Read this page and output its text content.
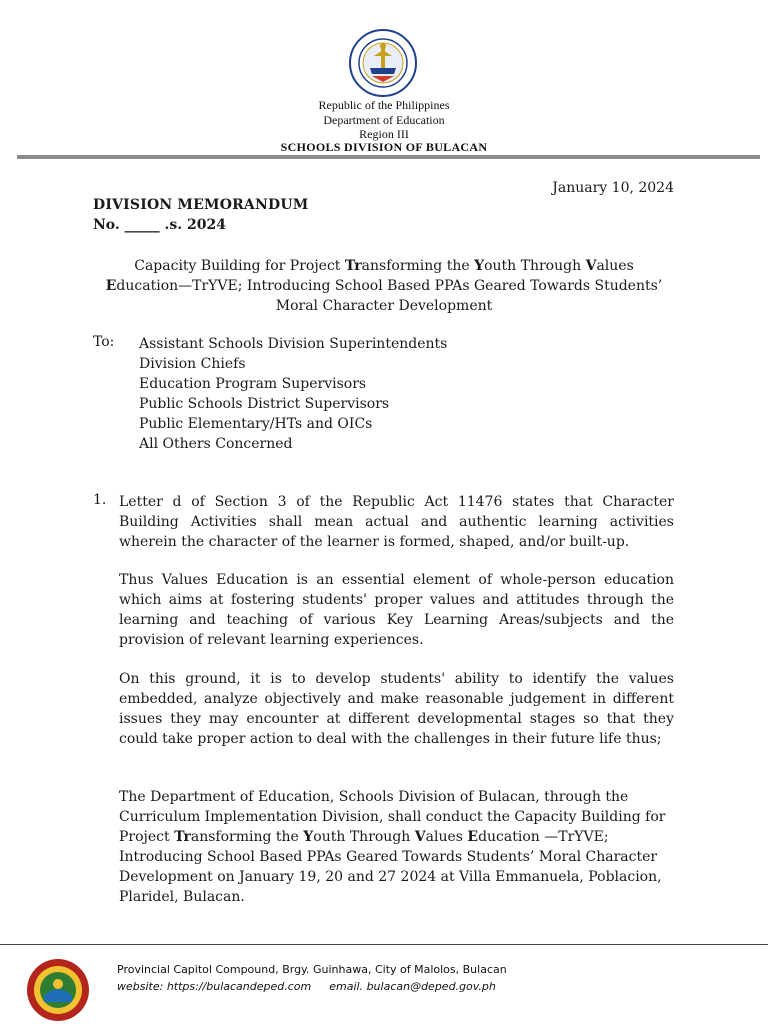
Republic of the Philippines
Department of Education
Region III
SCHOOLS DIVISION OF BULACAN
January 10, 2024
DIVISION MEMORANDUM
No. _____ .s. 2024
Capacity Building for Project Transforming the Youth Through Values
Education—TrYVE; Introducing School Based PPAs Geared Towards Students’ Moral Character Development
To: Assistant Schools Division Superintendents
Division Chiefs
Education Program Supervisors
Public Schools District Supervisors
Public Elementary/HTs and OICs
All Others Concerned
1. Letter d of Section 3 of the Republic Act 11476 states that Character Building Activities shall mean actual and authentic learning activities wherein the character of the learner is formed, shaped, and/or built-up.
Thus Values Education is an essential element of whole-person education which aims at fostering students' proper values and attitudes through the learning and teaching of various Key Learning Areas/subjects and the provision of relevant learning experiences.
On this ground, it is to develop students' ability to identify the values embedded, analyze objectively and make reasonable judgement in different issues they may encounter at different developmental stages so that they could take proper action to deal with the challenges in their future life thus;
The Department of Education, Schools Division of Bulacan, through the Curriculum Implementation Division, shall conduct the Capacity Building for Project Transforming the Youth Through Values Education —TrYVE; Introducing School Based PPAs Geared Towards Students’ Moral Character Development on January 19, 20 and 27 2024 at Villa Emmanuela, Poblacion, Plaridel, Bulacan.
Provincial Capitol Compound, Brgy. Guinhawa, City of Malolos, Bulacan
website: https://bulacandeped.com email. bulacan@deped.gov.ph
